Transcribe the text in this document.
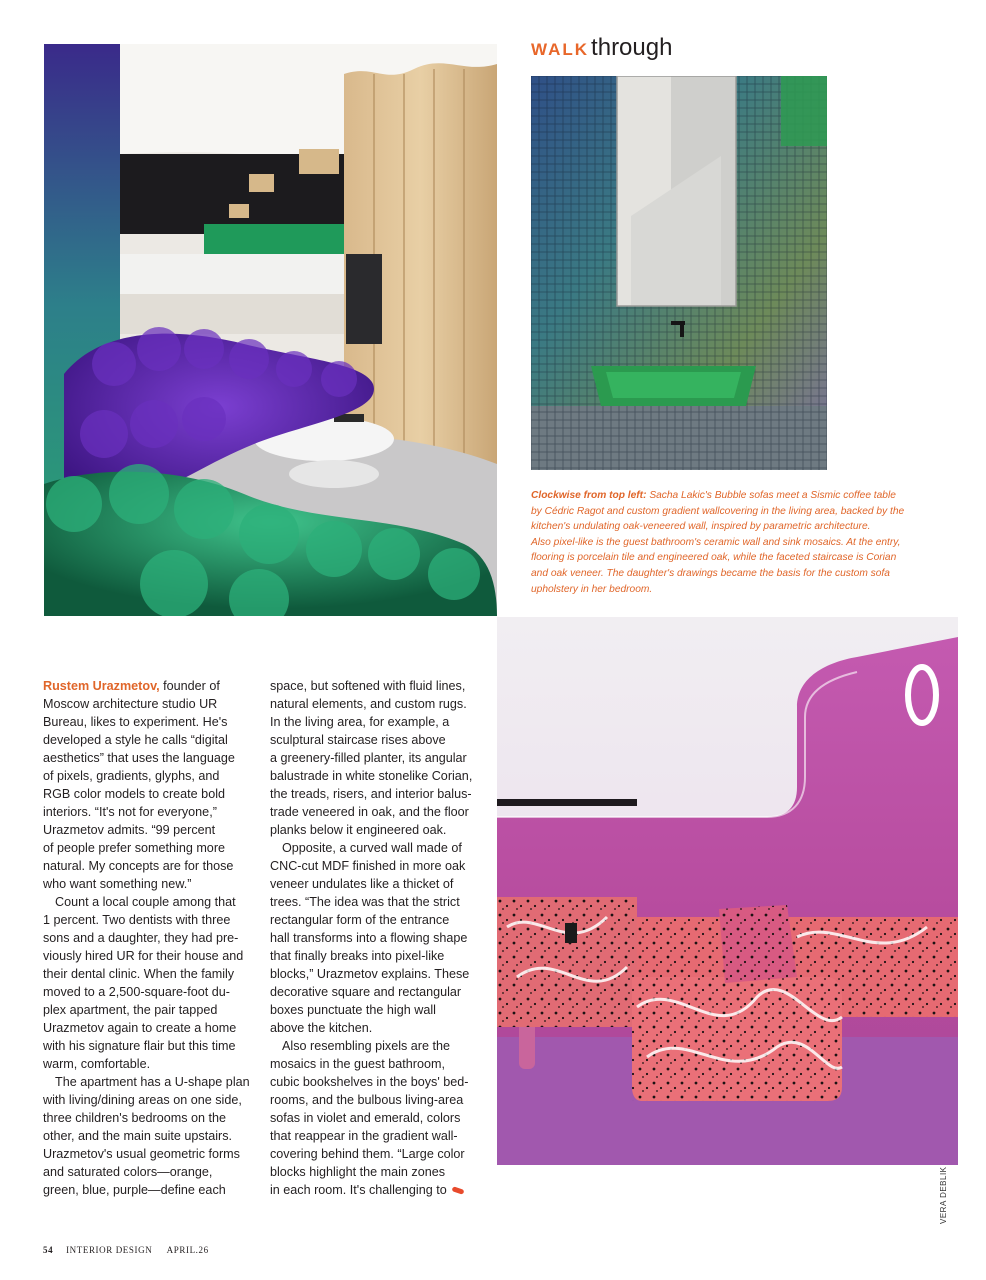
WALK through
Clockwise from top left: Sacha Lakic's Bubble sofas meet a Sismic coffee table
by Cédric Ragot and custom gradient wallcovering in the living area, backed by the
kitchen's undulating oak-veneered wall, inspired by parametric architecture.
Also pixel-like is the guest bathroom's ceramic wall and sink mosaics. At the entry,
flooring is porcelain tile and engineered oak, while the faceted staircase is Corian
and oak veneer. The daughter's drawings became the basis for the custom sofa
upholstery in her bedroom.
Rustem Urazmetov, founder of
Moscow architecture studio UR
Bureau, likes to experiment. He's
developed a style he calls “digital
aesthetics” that uses the language
of pixels, gradients, glyphs, and
RGB color models to create bold
interiors. “It's not for everyone,”
Urazmetov admits. “99 percent
of people prefer something more
natural. My concepts are for those
who want something new.”
Count a local couple among that
1 percent. Two dentists with three
sons and a daughter, they had pre-
viously hired UR for their house and
their dental clinic. When the family
moved to a 2,500-square-foot du-
plex apartment, the pair tapped
Urazmetov again to create a home
with his signature flair but this time
warm, comfortable.
The apartment has a U-shape plan
with living/dining areas on one side,
three children's bedrooms on the
other, and the main suite upstairs.
Urazmetov's usual geometric forms
and saturated colors—orange,
green, blue, purple—define each
space, but softened with fluid lines,
natural elements, and custom rugs.
In the living area, for example, a
sculptural staircase rises above
a greenery-filled planter, its angular
balustrade in white stonelike Corian,
the treads, risers, and interior balus-
trade veneered in oak, and the floor
planks below it engineered oak.
Opposite, a curved wall made of
CNC-cut MDF finished in more oak
veneer undulates like a thicket of
trees. “The idea was that the strict
rectangular form of the entrance
hall transforms into a flowing shape
that finally breaks into pixel-like
blocks,” Urazmetov explains. These
decorative square and rectangular
boxes punctuate the high wall
above the kitchen.
Also resembling pixels are the
mosaics in the guest bathroom,
cubic bookshelves in the boys' bed-
rooms, and the bulbous living-area
sofas in violet and emerald, colors
that reappear in the gradient wall-
covering behind them. “Large color
blocks highlight the main zones
in each room. It's challenging to	VERA DEBLIK
54 INTERIOR DESIGN APRIL.26
